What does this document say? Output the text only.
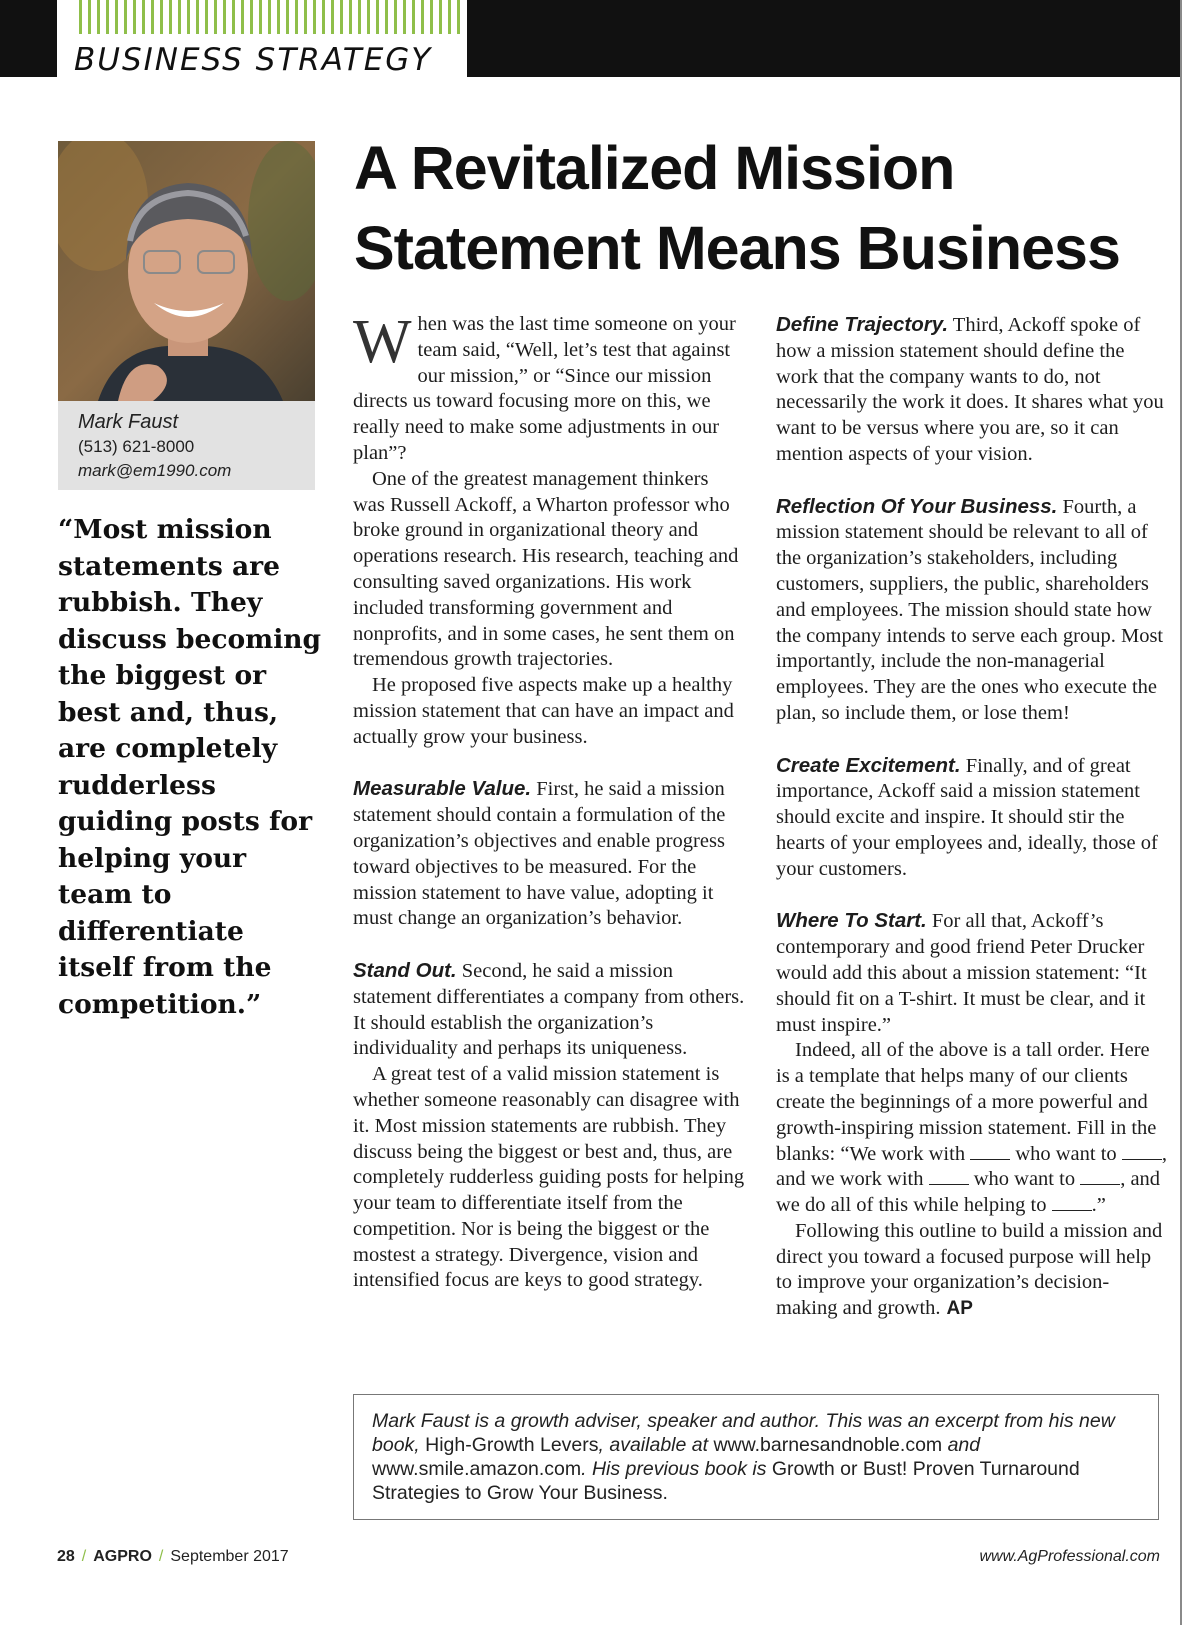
BUSINESS STRATEGY
Mark Faust
(513) 621-8000
mark@em1990.com
“Most mission statements are rubbish. They discuss becoming the biggest or best and, thus, are completely rudderless guiding posts for helping your team to differentiate itself from the competition.”
A Revitalized Mission Statement Means Business

When was the last time someone on your team said, “Well, let’s test that against our mission,” or “Since our mission directs us toward focusing more on this, we really need to make some adjustments in our plan”?

One of the greatest management thinkers was Russell Ackoff, a Wharton professor who broke ground in organizational theory and operations research. His research, teaching and consulting saved organizations. His work included transforming government and nonprofits, and in some cases, he sent them on tremendous growth trajectories.

He proposed five aspects make up a healthy mission statement that can have an impact and actually grow your business.

Measurable Value. First, he said a mission statement should contain a formulation of the organization’s objectives and enable progress toward objectives to be measured. For the mission statement to have value, adopting it must change an organization’s behavior.

Stand Out. Second, he said a mission statement differentiates a company from others. It should establish the organization’s individuality and perhaps its uniqueness.

A great test of a valid mission statement is whether someone reasonably can disagree with it. Most mission statements are rubbish. They discuss being the biggest or best and, thus, are completely rudderless guiding posts for helping your team to differentiate itself from the competition. Nor is being the biggest or the mostest a strategy. Divergence, vision and intensified focus are keys to good strategy.

Define Trajectory. Third, Ackoff spoke of how a mission statement should define the work that the company wants to do, not necessarily the work it does. It shares what you want to be versus where you are, so it can mention aspects of your vision.

Reflection Of Your Business. Fourth, a mission statement should be relevant to all of the organization’s stakeholders, including customers, suppliers, the public, shareholders and employees. The mission should state how the company intends to serve each group. Most importantly, include the non-managerial employees. They are the ones who execute the plan, so include them, or lose them!

Create Excitement. Finally, and of great importance, Ackoff said a mission statement should excite and inspire. It should stir the hearts of your employees and, ideally, those of your customers.

Where To Start. For all that, Ackoff’s contemporary and good friend Peter Drucker would add this about a mission statement: “It should fit on a T-shirt. It must be clear, and it must inspire.”

Indeed, all of the above is a tall order. Here is a template that helps many of our clients create the beginnings of a more powerful and growth-inspiring mission statement. Fill in the blanks: “We work with  who want to , and we work with  who want to , and we do all of this while helping to .”

Following this outline to build a mission and direct you toward a focused purpose will help to improve your organization’s decision-making and growth. AP

Mark Faust is a growth adviser, speaker and author. This was an excerpt from his new book, High-Growth Levers, available at www.barnesandnoble.com and www.smile.amazon.com. His previous book is Growth or Bust! Proven Turnaround Strategies to Grow Your Business.
28 / AGPRO / September 2017	www.AgProfessional.com
